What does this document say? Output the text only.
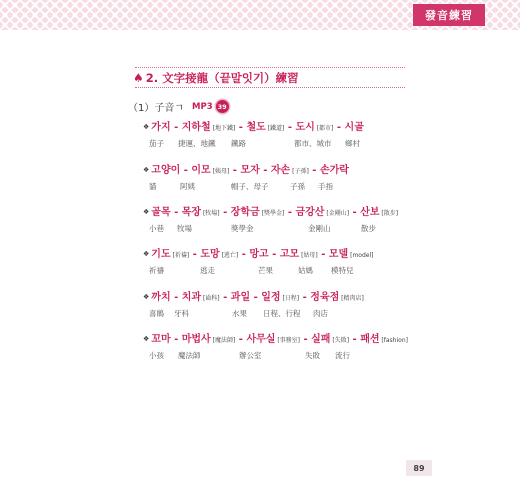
發音練習
♠ 2. 文字接龍（끝말잇기）練習
（1）子音ㄱ MP3 39
❖ 가지 - 지하철 [地下鐵] - 철도 [鐵道] - 도시 [都市] - 시골
茄子 捷運、地鐵 鐵路	都市、城市 鄉村
❖ 고양이 - 이모 [姨母] - 모자 - 자손 [子孫] - 손가락
貓	阿姨	帽子、母子	子孫 手指
❖ 골목 - 목장 [牧場] - 장학금 [獎學金] - 금강산 [金剛山] - 산보 [散步]
小巷 牧場	獎學金	金剛山	散步
❖ 기도 [祈禱] - 도망 [逃亡] - 망고 - 고모 [姑母] - 모델 [model]
祈禱	逃走	芒果	姑媽 模特兒
❖ 까치 - 치과 [齒科] - 과일 - 일정 [日程] - 정육점 [精肉店]
喜鵲 牙科	水果 日程、行程 肉店
❖ 꼬마 - 마법사 [魔法師] - 사무실 [事務室] - 실패 [失敗] - 패션 [fashion]
小孩 魔法師	辦公室	失敗 流行
89
